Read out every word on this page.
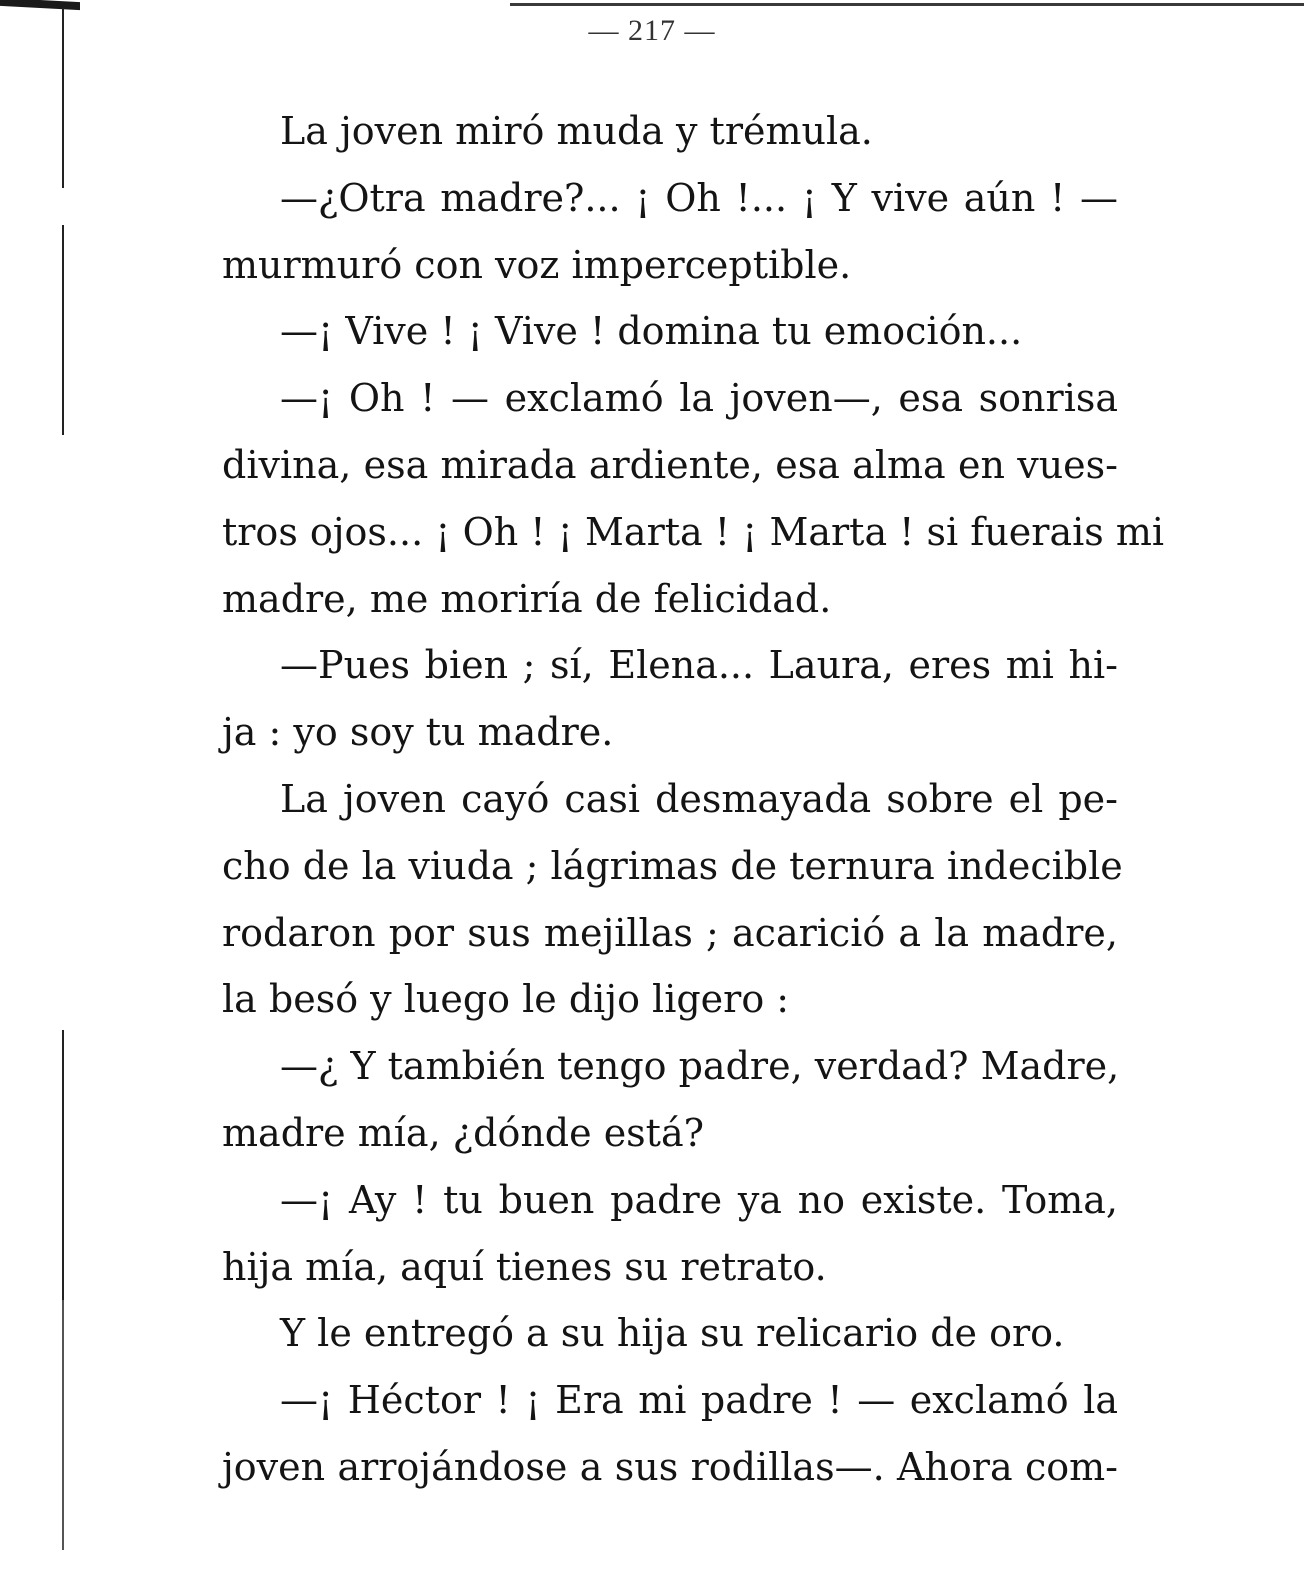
— 217 —
La joven miró muda y trémula.
—¿Otra madre?... ¡ Oh !... ¡ Y vive aún ! —
murmuró con voz imperceptible.
—¡ Vive ! ¡ Vive ! domina tu emoción...
—¡ Oh ! — exclamó la joven—, esa sonrisa
divina, esa mirada ardiente, esa alma en vues-
tros ojos... ¡ Oh ! ¡ Marta ! ¡ Marta ! si fuerais mi
madre, me moriría de felicidad.
—Pues bien ; sí, Elena... Laura, eres mi hi-
ja : yo soy tu madre.
La joven cayó casi desmayada sobre el pe-
cho de la viuda ; lágrimas de ternura indecible
rodaron por sus mejillas ; acarició a la madre,
la besó y luego le dijo ligero :
—¿ Y también tengo padre, verdad? Madre,
madre mía, ¿dónde está?
—¡ Ay ! tu buen padre ya no existe. Toma,
hija mía, aquí tienes su retrato.
Y le entregó a su hija su relicario de oro.
—¡ Héctor ! ¡ Era mi padre ! — exclamó la
joven arrojándose a sus rodillas—. Ahora com-
